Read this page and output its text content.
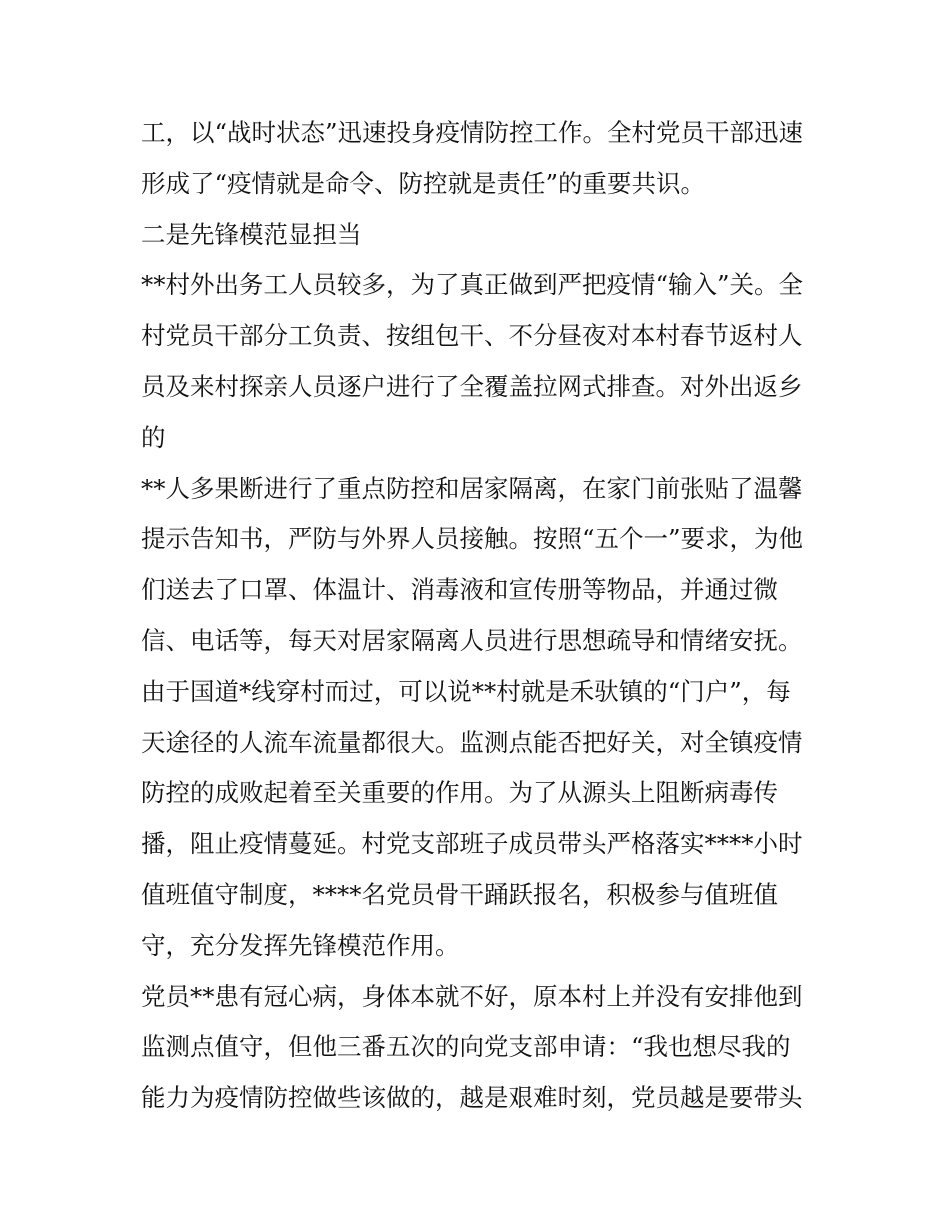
工，以“战时状态”迅速投身疫情防控工作。全村党员干部迅速
形成了“疫情就是命令、防控就是责任”的重要共识。
二是先锋模范显担当
**村外出务工人员较多，为了真正做到严把疫情“输入”关。全
村党员干部分工负责、按组包干、不分昼夜对本村春节返村人
员及来村探亲人员逐户进行了全覆盖拉网式排查。对外出返乡
的
**人多果断进行了重点防控和居家隔离，在家门前张贴了温馨
提示告知书，严防与外界人员接触。按照“五个一”要求，为他
们送去了口罩、体温计、消毒液和宣传册等物品，并通过微
信、电话等，每天对居家隔离人员进行思想疏导和情绪安抚。
由于国道*线穿村而过，可以说**村就是禾驮镇的“门户”，每
天途径的人流车流量都很大。监测点能否把好关，对全镇疫情
防控的成败起着至关重要的作用。为了从源头上阻断病毒传
播，阻止疫情蔓延。村党支部班子成员带头严格落实****小时
值班值守制度，****名党员骨干踊跃报名，积极参与值班值
守，充分发挥先锋模范作用。
党员**患有冠心病，身体本就不好，原本村上并没有安排他到
监测点值守，但他三番五次的向党支部申请：“我也想尽我的
能力为疫情防控做些该做的，越是艰难时刻，党员越是要带头
